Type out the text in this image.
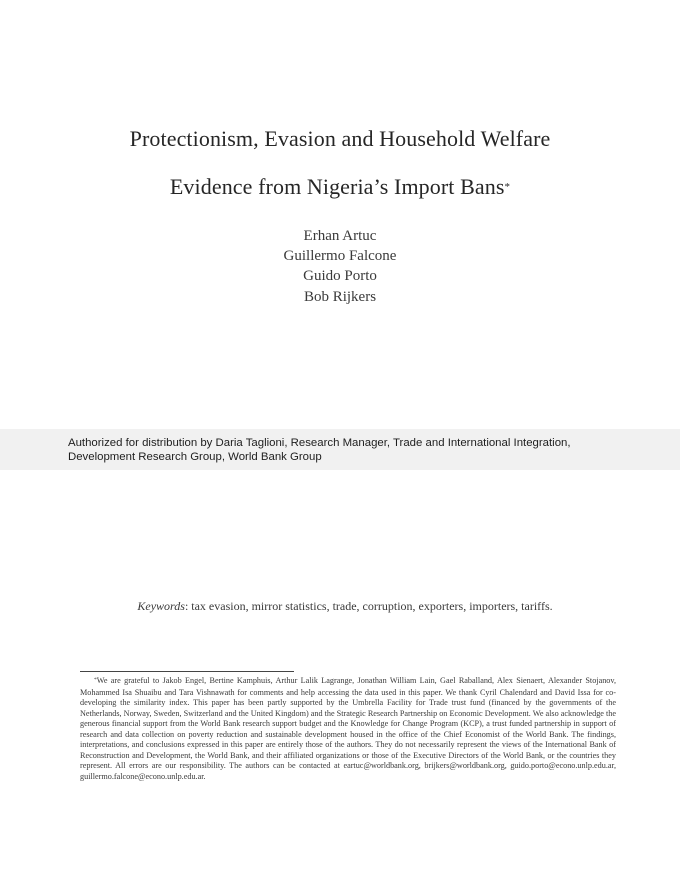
Protectionism, Evasion and Household Welfare
Evidence from Nigeria’s Import Bans*
Erhan Artuc
Guillermo Falcone
Guido Porto
Bob Rijkers
Authorized for distribution by Daria Taglioni, Research Manager, Trade and International Integration, Development Research Group, World Bank Group
Keywords: tax evasion, mirror statistics, trade, corruption, exporters, importers, tariffs.
*We are grateful to Jakob Engel, Bertine Kamphuis, Arthur Lalik Lagrange, Jonathan William Lain, Gael Raballand, Alex Sienaert, Alexander Stojanov, Mohammed Isa Shuaibu and Tara Vishnawath for comments and help accessing the data used in this paper. We thank Cyril Chalendard and David Issa for co-developing the similarity index. This paper has been partly supported by the Umbrella Facility for Trade trust fund (financed by the governments of the Netherlands, Norway, Sweden, Switzerland and the United Kingdom) and the Strategic Research Partnership on Economic Development. We also acknowledge the generous financial support from the World Bank research support budget and the Knowledge for Change Program (KCP), a trust funded partnership in support of research and data collection on poverty reduction and sustainable development housed in the office of the Chief Economist of the World Bank. The findings, interpretations, and conclusions expressed in this paper are entirely those of the authors. They do not necessarily represent the views of the International Bank of Reconstruction and Development, the World Bank, and their affiliated organizations or those of the Executive Directors of the World Bank, or the countries they represent. All errors are our responsibility. The authors can be contacted at eartuc@worldbank.org, brijkers@worldbank.org, guido.porto@econo.unlp.edu.ar, guillermo.falcone@econo.unlp.edu.ar.
